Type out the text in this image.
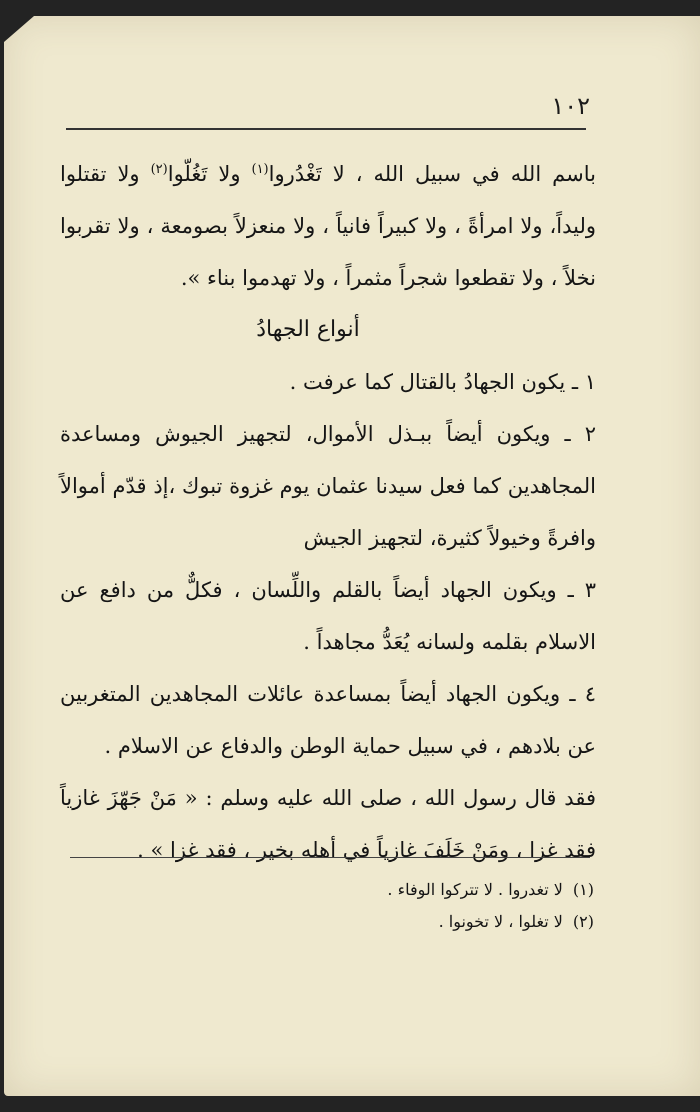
١٠٢

باسم الله في سبيل الله ، لا تَغْدُروا$^{(١)}$ ولا تَغُلّوا$^{(٢)}$ ولا تقتلوا وليداً، ولا امرأةً ، ولا كبيراً فانياً ، ولا منعزلاً بصومعة ، ولا تقربوا نخلاً ، ولا تقطعوا شجراً مثمراً ، ولا تهدموا بناء ».

أنواع الجهادُ

١ ـ يكون الجهادُ بالقتال كما عرفت .

٢ ـ ويكون أيضاً ببـذل الأموال، لتجهيز الجيوش ومساعدة المجاهدين كما فعل سيدنا عثمان يوم غزوة تبوك ،إذ قدّم أموالاً وافرةً وخيولاً كثيرة، لتجهيز الجيش

٣ ـ ويكون الجهاد أيضاً بالقلم واللِّسان ، فكلٌّ من دافع عن الاسلام بقلمه ولسانه يُعَدُّ مجاهداً .

٤ ـ ويكون الجهاد أيضاً بمساعدة عائلات المجاهدين المتغربين عن بلادهم ، في سبيل حماية الوطن والدفاع عن الاسلام .

فقد قال رسول الله ، صلى الله عليه وسلم : « مَنْ جَهّزَ غازياً فقد غزا ، ومَنْ خَلَفَ غازياً في أهله بخير ، فقد غزا » .

(١)
لا تغدروا . لا تتركوا الوفاء .
(٢)
لا تغلوا ، لا تخونوا .
